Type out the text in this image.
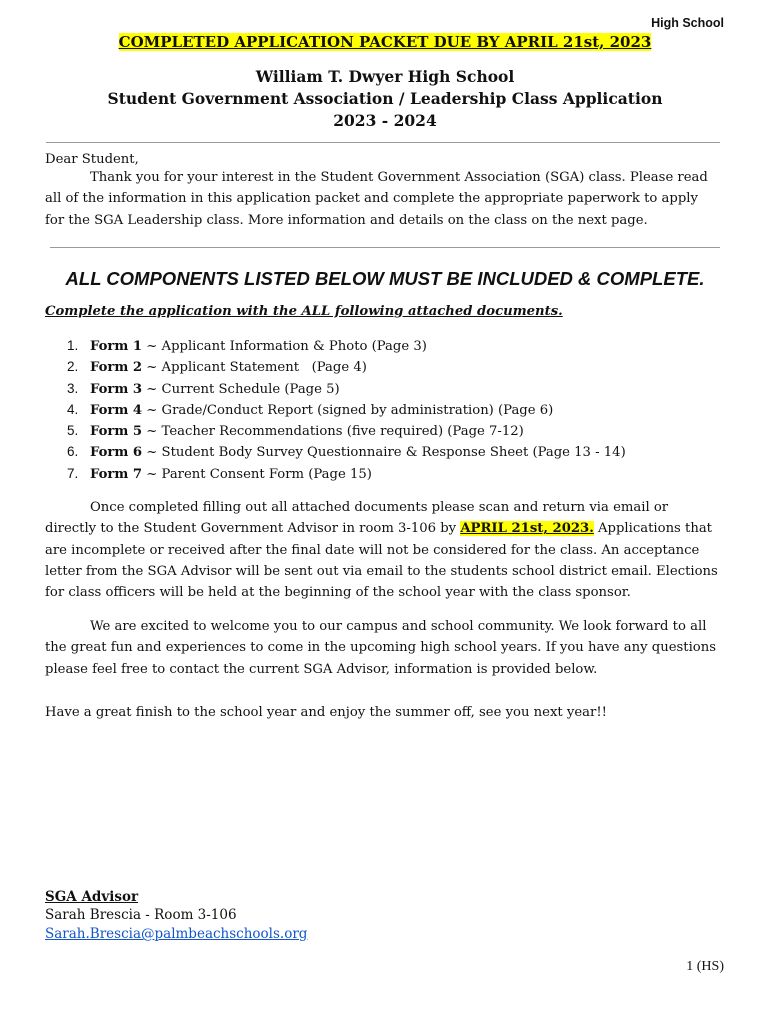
High School
COMPLETED APPLICATION PACKET DUE BY APRIL 21st, 2023
William T. Dwyer High School
Student Government Association / Leadership Class Application
2023 - 2024
Dear Student,
Thank you for your interest in the Student Government Association (SGA) class. Please read all of the information in this application packet and complete the appropriate paperwork to apply for the SGA Leadership class. More information and details on the class on the next page.
ALL COMPONENTS LISTED BELOW MUST BE INCLUDED & COMPLETE.
Complete the application with the ALL following attached documents.
1. Form 1 ~ Applicant Information & Photo (Page 3)
2. Form 2 ~ Applicant Statement   (Page 4)
3. Form 3 ~ Current Schedule (Page 5)
4. Form 4 ~ Grade/Conduct Report (signed by administration) (Page 6)
5. Form 5 ~ Teacher Recommendations (five required) (Page 7-12)
6. Form 6 ~ Student Body Survey Questionnaire & Response Sheet (Page 13 - 14)
7. Form 7 ~ Parent Consent Form (Page 15)
Once completed filling out all attached documents please scan and return via email or directly to the Student Government Advisor in room 3-106 by APRIL 21st, 2023. Applications that are incomplete or received after the final date will not be considered for the class. An acceptance letter from the SGA Advisor will be sent out via email to the students school district email. Elections for class officers will be held at the beginning of the school year with the class sponsor.
We are excited to welcome you to our campus and school community. We look forward to all the great fun and experiences to come in the upcoming high school years. If you have any questions please feel free to contact the current SGA Advisor, information is provided below.
Have a great finish to the school year and enjoy the summer off, see you next year!!
SGA Advisor
Sarah Brescia - Room 3-106
Sarah.Brescia@palmbeachschools.org
1 (HS)
